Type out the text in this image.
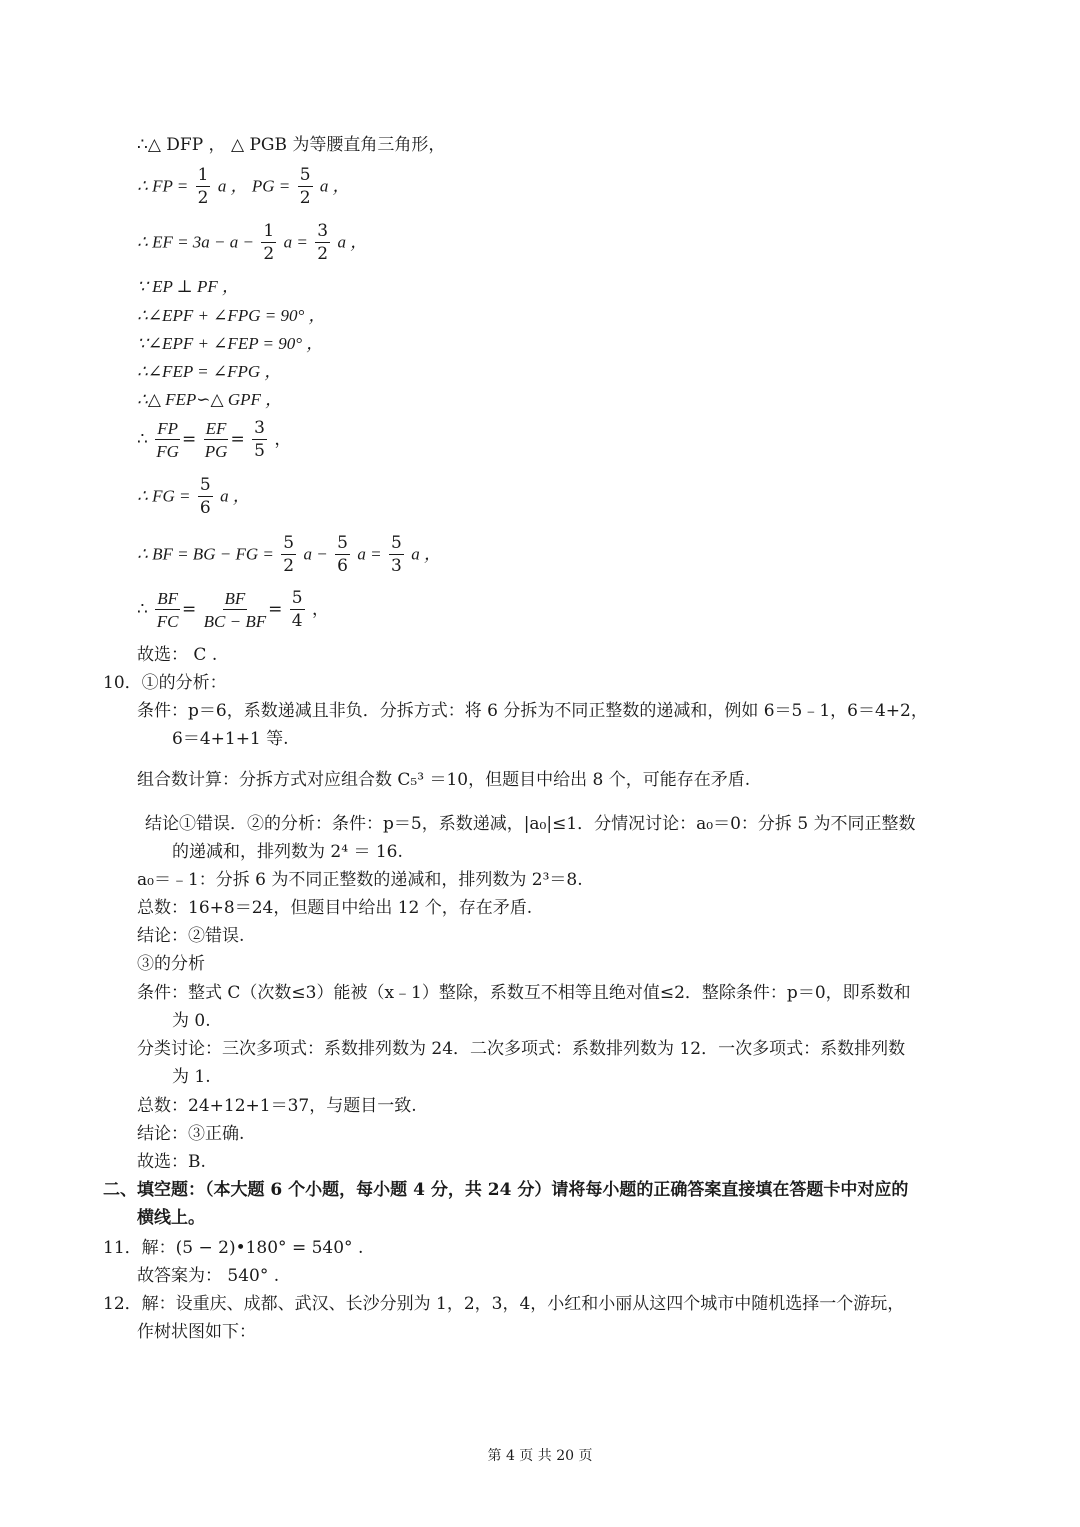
∴△ DFP ， △ PGB 为等腰直角三角形，
∴ FP = $\frac{1}{2}$ a ， PG = $\frac{5}{2}$ a ，
∴ EF = $3a - a - \frac{1}{2}$ $a = \frac{3}{2}$ a ，
∵ EP ⊥ PF ，
∴∠EPF + ∠FPG = 90° ，
∵∠EPF + ∠FEP = 90° ，
∴∠FEP = ∠FPG ，
∴△ FEP∽△ GPF ，
∴ $\frac{FP}{FG} = \frac{EF}{PG} = \frac{3}{5}$ ，
∴ FG = $\frac{5}{6}$ a ，
∴ BF = BG − FG = $\frac{5}{2}$ $a - \frac{5}{6}$ $a = \frac{5}{3}$ a ，
∴ $\frac{BF}{FC} = \frac{BF}{BC - BF} = \frac{5}{4}$ ，
故选： C .
10．①的分析：
条件：p＝6，系数递减且非负．分拆方式：将 6 分拆为不同正整数的递减和，例如 6＝5﹣1，6＝4+2，
6＝4+1+1 等.
组合数计算：分拆方式对应组合数 C₅³ ＝10，但题目中给出 8 个，可能存在矛盾.
结论①错误．②的分析：条件：p＝5，系数递减，|a₀|≤1．分情况讨论：a₀＝0：分拆 5 为不同正整数
的递减和，排列数为 2⁴ ＝ 16.
a₀＝﹣1：分拆 6 为不同正整数的递减和，排列数为 2³＝8.
总数：16+8＝24，但题目中给出 12 个，存在矛盾.
结论：②错误.
③的分析
条件：整式 C（次数≤3）能被（x﹣1）整除，系数互不相等且绝对值≤2．整除条件：p＝0，即系数和
为 0.
分类讨论：三次多项式：系数排列数为 24．二次多项式：系数排列数为 12．一次多项式：系数排列数
为 1.
总数：24+12+1＝37，与题目一致.
结论：③正确.
故选：B.
二、填空题：（本大题 6 个小题，每小题 4 分，共 24 分）请将每小题的正确答案直接填在答题卡中对应的
横线上。
11．解：(5 − 2)•180° = 540° .
故答案为： 540° .
12．解：设重庆、成都、武汉、长沙分别为 1，2，3，4，小红和小丽从这四个城市中随机选择一个游玩，
作树状图如下：
第 4 页 共 20 页
